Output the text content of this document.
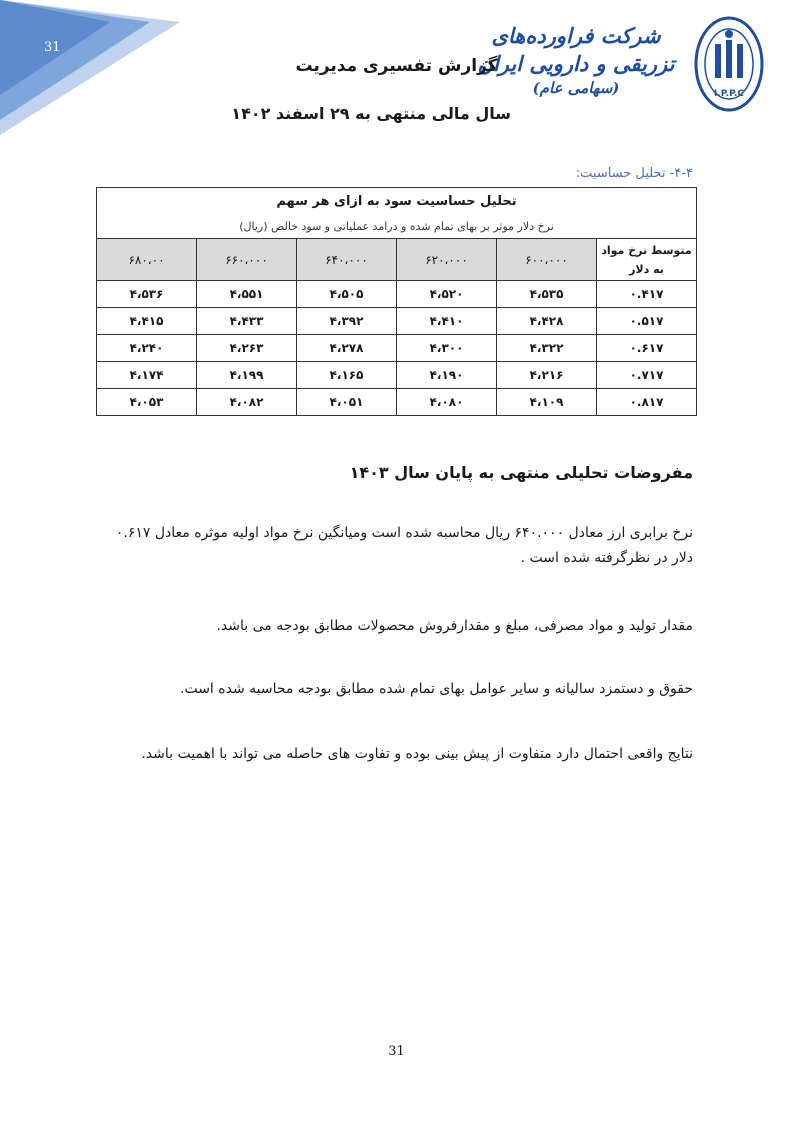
31	شرکت فراورده‌های تزریقی و دارویی ایران
(سهامی عام)	I.P.P.C
گزارش تفسیری مدیریت
سال مالی منتهی به ۲۹ اسفند ۱۴۰۲
۴-۴- تحلیل حساسیت:
تحلیل حساسیت سود به ازای هر سهم					
نرخ دلار موثر بر بهای تمام شده و درامد عملیاتی و سود خالص (ریال)					
متوسط نرخ مواد
به دلار	۶۰۰،۰۰۰	۶۲۰،۰۰۰	۶۴۰،۰۰۰	۶۶۰،۰۰۰	۶۸۰،۰۰
۰.۴۱۷	۴،۵۳۵	۴،۵۲۰	۴،۵۰۵	۴،۵۵۱	۴،۵۳۶
۰.۵۱۷	۴،۴۲۸	۴،۴۱۰	۴،۳۹۲	۴،۴۳۳	۴،۴۱۵
۰.۶۱۷	۴،۳۲۲	۴،۳۰۰	۴،۲۷۸	۴،۲۶۳	۴،۲۴۰
۰.۷۱۷	۴،۲۱۶	۴،۱۹۰	۴،۱۶۵	۴،۱۹۹	۴،۱۷۴
۰.۸۱۷	۴،۱۰۹	۴،۰۸۰	۴،۰۵۱	۴،۰۸۲	۴،۰۵۳
مفروضات تحلیلی منتهی به پایان سال ۱۴۰۳
نرخ برابری ارز معادل ۶۴۰.۰۰۰ ریال محاسبه شده است ومیانگین نرخ مواد اولیه موثره معادل ۰.۶۱۷ دلار در نظرگرفته شده است .
مقدار تولید و مواد مصرفی، مبلغ و مقدارفروش محصولات مطابق بودجه می باشد.
حقوق و دستمزد سالیانه و سایر عوامل بهای تمام شده مطابق بودجه محاسبه شده است.
نتایج واقعی احتمال دارد متفاوت از پیش بینی بوده و تفاوت های حاصله می تواند با اهمیت باشد.
31
